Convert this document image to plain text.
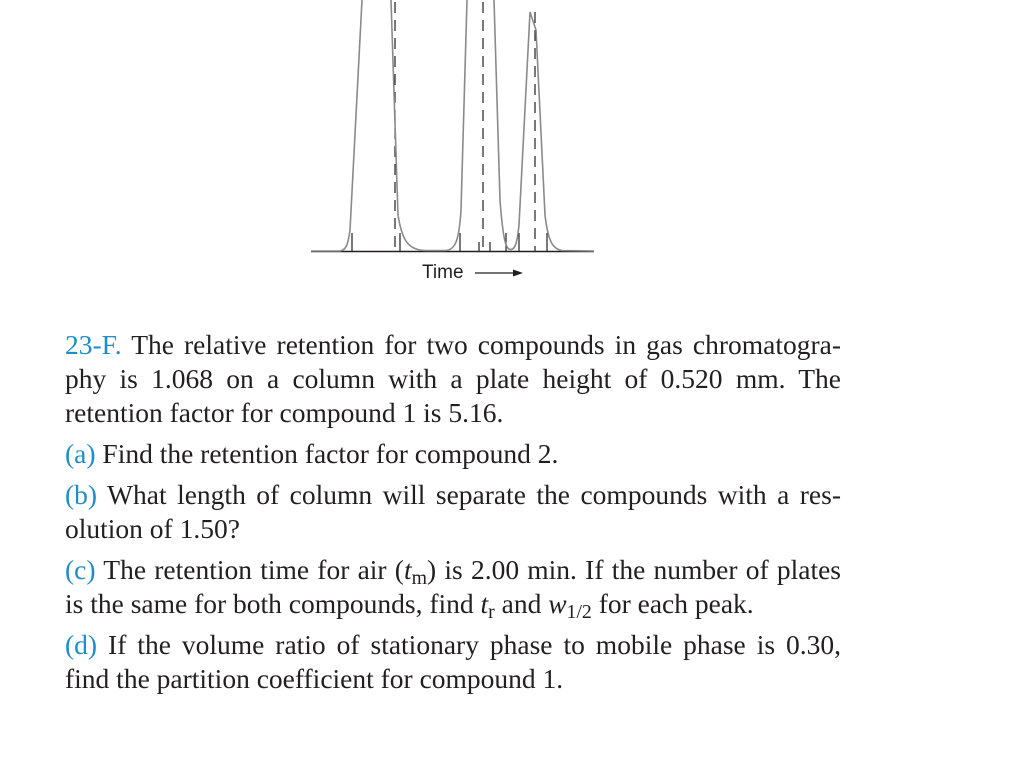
Time

23-F. The relative retention for two compounds in gas chromatogra-phy is 1.068 on a column with a plate height of 0.520 mm. The retention factor for compound 1 is 5.16.

(a) Find the retention factor for compound 2.

(b) What length of column will separate the compounds with a res-olution of 1.50?

(c) The retention time for air $(t_m)$ is 2.00 min. If the number of plates is the same for both compounds, find $t_r$ and $w_{1/2}$ for each peak.

(d) If the volume ratio of stationary phase to mobile phase is 0.30, find the partition coefficient for compound 1.
